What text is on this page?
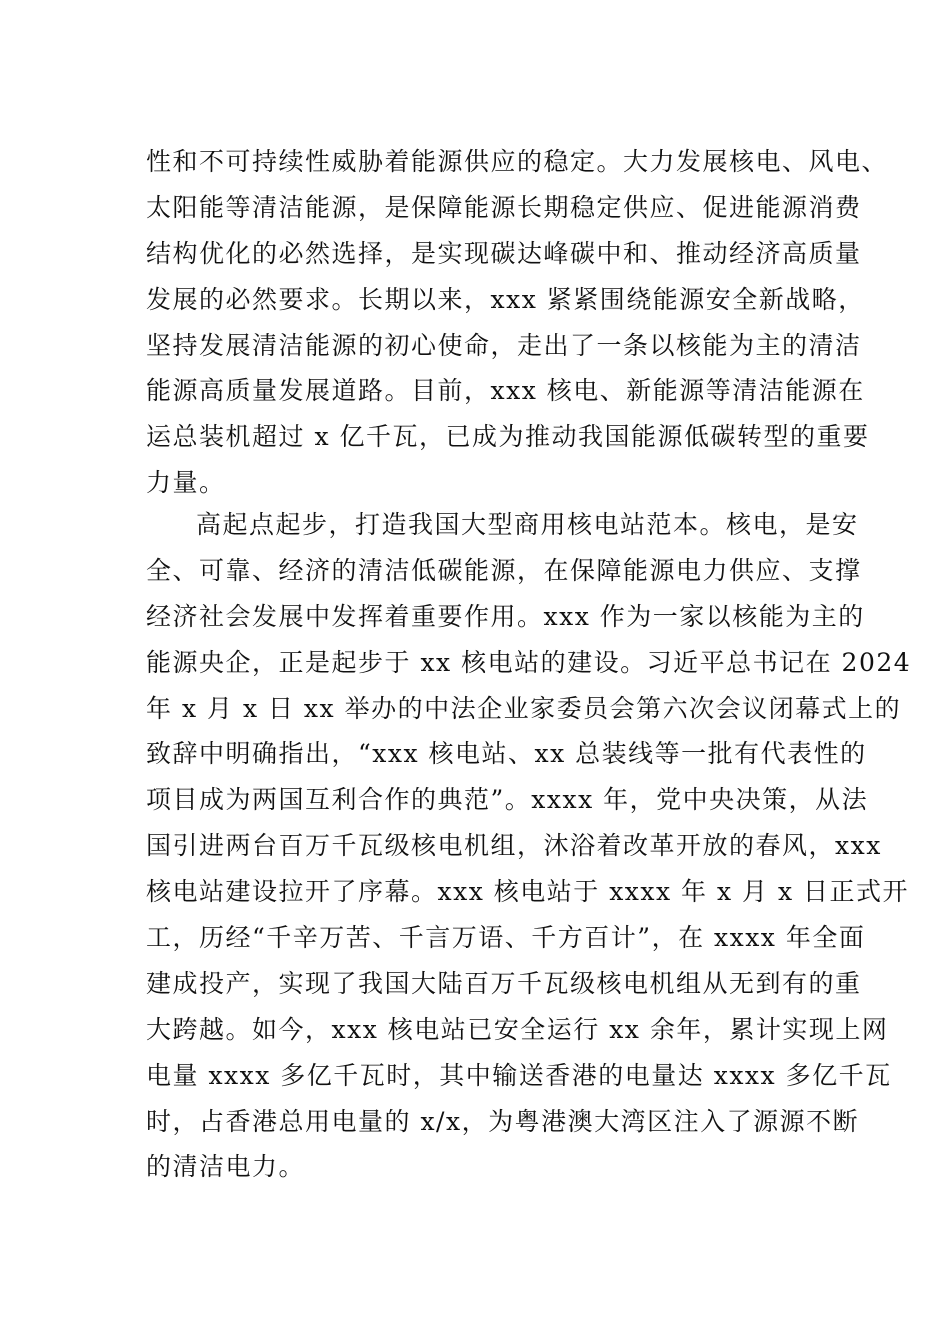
性和不可持续性威胁着能源供应的稳定。大力发展核电、风电、
太阳能等清洁能源，是保障能源长期稳定供应、促进能源消费
结构优化的必然选择，是实现碳达峰碳中和、推动经济高质量
发展的必然要求。长期以来，xxx 紧紧围绕能源安全新战略，
坚持发展清洁能源的初心使命，走出了一条以核能为主的清洁
能源高质量发展道路。目前，xxx 核电、新能源等清洁能源在
运总装机超过 x 亿千瓦，已成为推动我国能源低碳转型的重要
力量。
高起点起步，打造我国大型商用核电站范本。核电，是安
全、可靠、经济的清洁低碳能源，在保障能源电力供应、支撑
经济社会发展中发挥着重要作用。xxx 作为一家以核能为主的
能源央企，正是起步于 xx 核电站的建设。习近平总书记在 2024
年 x 月 x 日 xx 举办的中法企业家委员会第六次会议闭幕式上的
致辞中明确指出，“xxx 核电站、xx 总装线等一批有代表性的
项目成为两国互利合作的典范”。xxxx 年，党中央决策，从法
国引进两台百万千瓦级核电机组，沐浴着改革开放的春风，xxx
核电站建设拉开了序幕。xxx 核电站于 xxxx 年 x 月 x 日正式开
工，历经“千辛万苦、千言万语、千方百计”，在 xxxx 年全面
建成投产，实现了我国大陆百万千瓦级核电机组从无到有的重
大跨越。如今，xxx 核电站已安全运行 xx 余年，累计实现上网
电量 xxxx 多亿千瓦时，其中输送香港的电量达 xxxx 多亿千瓦
时，占香港总用电量的 x/x，为粤港澳大湾区注入了源源不断
的清洁电力。
